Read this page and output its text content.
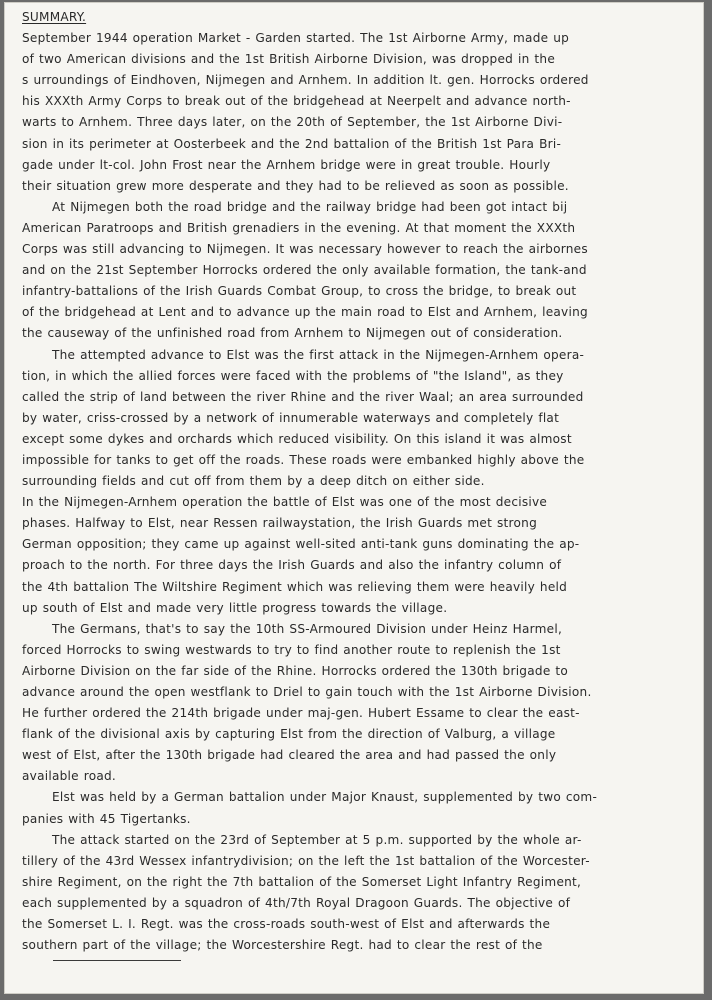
SUMMARY.
September 1944 operation Market - Garden started. The 1st Airborne Army, made up
of two American divisions and the 1st British Airborne Division, was dropped in the
s urroundings of Eindhoven, Nijmegen and Arnhem. In addition lt. gen. Horrocks ordered
his XXXth Army Corps to break out of the bridgehead at Neerpelt and advance north-
warts to Arnhem. Three days later, on the 20th of September, the 1st Airborne Divi-
sion in its perimeter at Oosterbeek and the 2nd battalion of the British 1st Para Bri-
gade under lt-col. John Frost near the Arnhem bridge were in great trouble. Hourly
their situation grew more desperate and they had to be relieved as soon as possible.
At Nijmegen both the road bridge and the railway bridge had been got intact bij
American Paratroops and British grenadiers in the evening. At that moment the XXXth
Corps was still advancing to Nijmegen. It was necessary however to reach the airbornes
and on the 21st September Horrocks ordered the only available formation, the tank-and
infantry-battalions of the Irish Guards Combat Group, to cross the bridge, to break out
of the bridgehead at Lent and to advance up the main road to Elst and Arnhem, leaving
the causeway of the unfinished road from Arnhem to Nijmegen out of consideration.
The attempted advance to Elst was the first attack in the Nijmegen-Arnhem opera-
tion, in which the allied forces were faced with the problems of "the Island", as they
called the strip of land between the river Rhine and the river Waal; an area surrounded
by water, criss-crossed by a network of innumerable waterways and completely flat
except some dykes and orchards which reduced visibility. On this island it was almost
impossible for tanks to get off the roads. These roads were embanked highly above the
surrounding fields and cut off from them by a deep ditch on either side.
In the Nijmegen-Arnhem operation the battle of Elst was one of the most decisive
phases. Halfway to Elst, near Ressen railwaystation, the Irish Guards met strong
German opposition; they came up against well-sited anti-tank guns dominating the ap-
proach to the north. For three days the Irish Guards and also the infantry column of
the 4th battalion The Wiltshire Regiment which was relieving them were heavily held
up south of Elst and made very little progress towards the village.
The Germans, that's to say the 10th SS-Armoured Division under Heinz Harmel,
forced Horrocks to swing westwards to try to find another route to replenish the 1st
Airborne Division on the far side of the Rhine. Horrocks ordered the 130th brigade to
advance around the open westflank to Driel to gain touch with the 1st Airborne Division.
He further ordered the 214th brigade under maj-gen. Hubert Essame to clear the east-
flank of the divisional axis by capturing Elst from the direction of Valburg, a village
west of Elst, after the 130th brigade had cleared the area and had passed the only
available road.
Elst was held by a German battalion under Major Knaust, supplemented by two com-
panies with 45 Tigertanks.
The attack started on the 23rd of September at 5 p.m. supported by the whole ar-
tillery of the 43rd Wessex infantrydivision; on the left the 1st battalion of the Worcester-
shire Regiment, on the right the 7th battalion of the Somerset Light Infantry Regiment,
each supplemented by a squadron of 4th/7th Royal Dragoon Guards. The objective of
the Somerset L. I. Regt. was the cross-roads south-west of Elst and afterwards the
southern part of the village; the Worcestershire Regt. had to clear the rest of the
